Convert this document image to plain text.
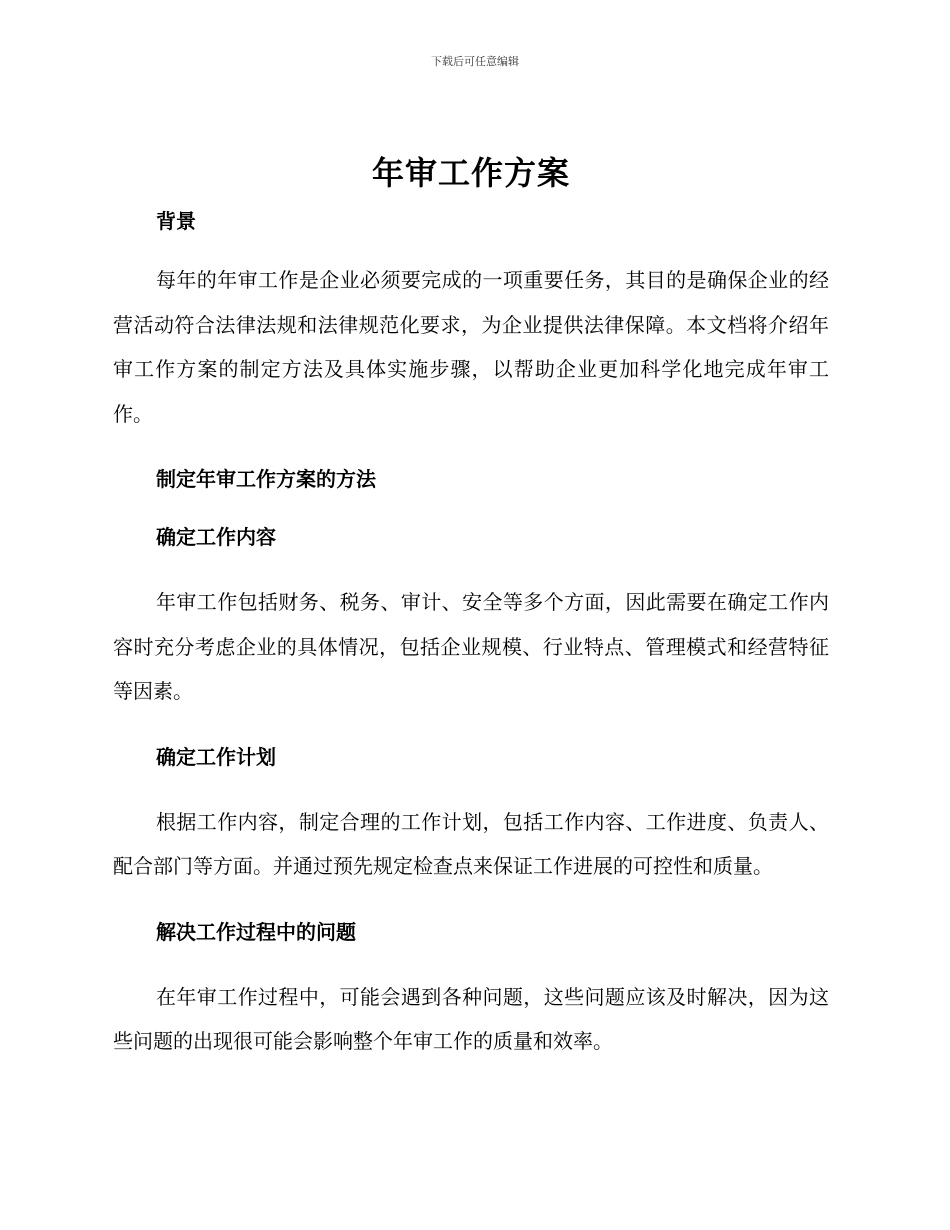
下载后可任意编辑
年审工作方案
背景

每年的年审工作是企业必须要完成的一项重要任务，其目的是确保企业的经营活动符合法律法规和法律规范化要求，为企业提供法律保障。本文档将介绍年审工作方案的制定方法及具体实施步骤，以帮助企业更加科学化地完成年审工作。

制定年审工作方案的方法
确定工作内容

年审工作包括财务、税务、审计、安全等多个方面，因此需要在确定工作内容时充分考虑企业的具体情况，包括企业规模、行业特点、管理模式和经营特征等因素。

确定工作计划

根据工作内容，制定合理的工作计划，包括工作内容、工作进度、负责人、配合部门等方面。并通过预先规定检查点来保证工作进展的可控性和质量。

解决工作过程中的问题

在年审工作过程中，可能会遇到各种问题，这些问题应该及时解决，因为这些问题的出现很可能会影响整个年审工作的质量和效率。
